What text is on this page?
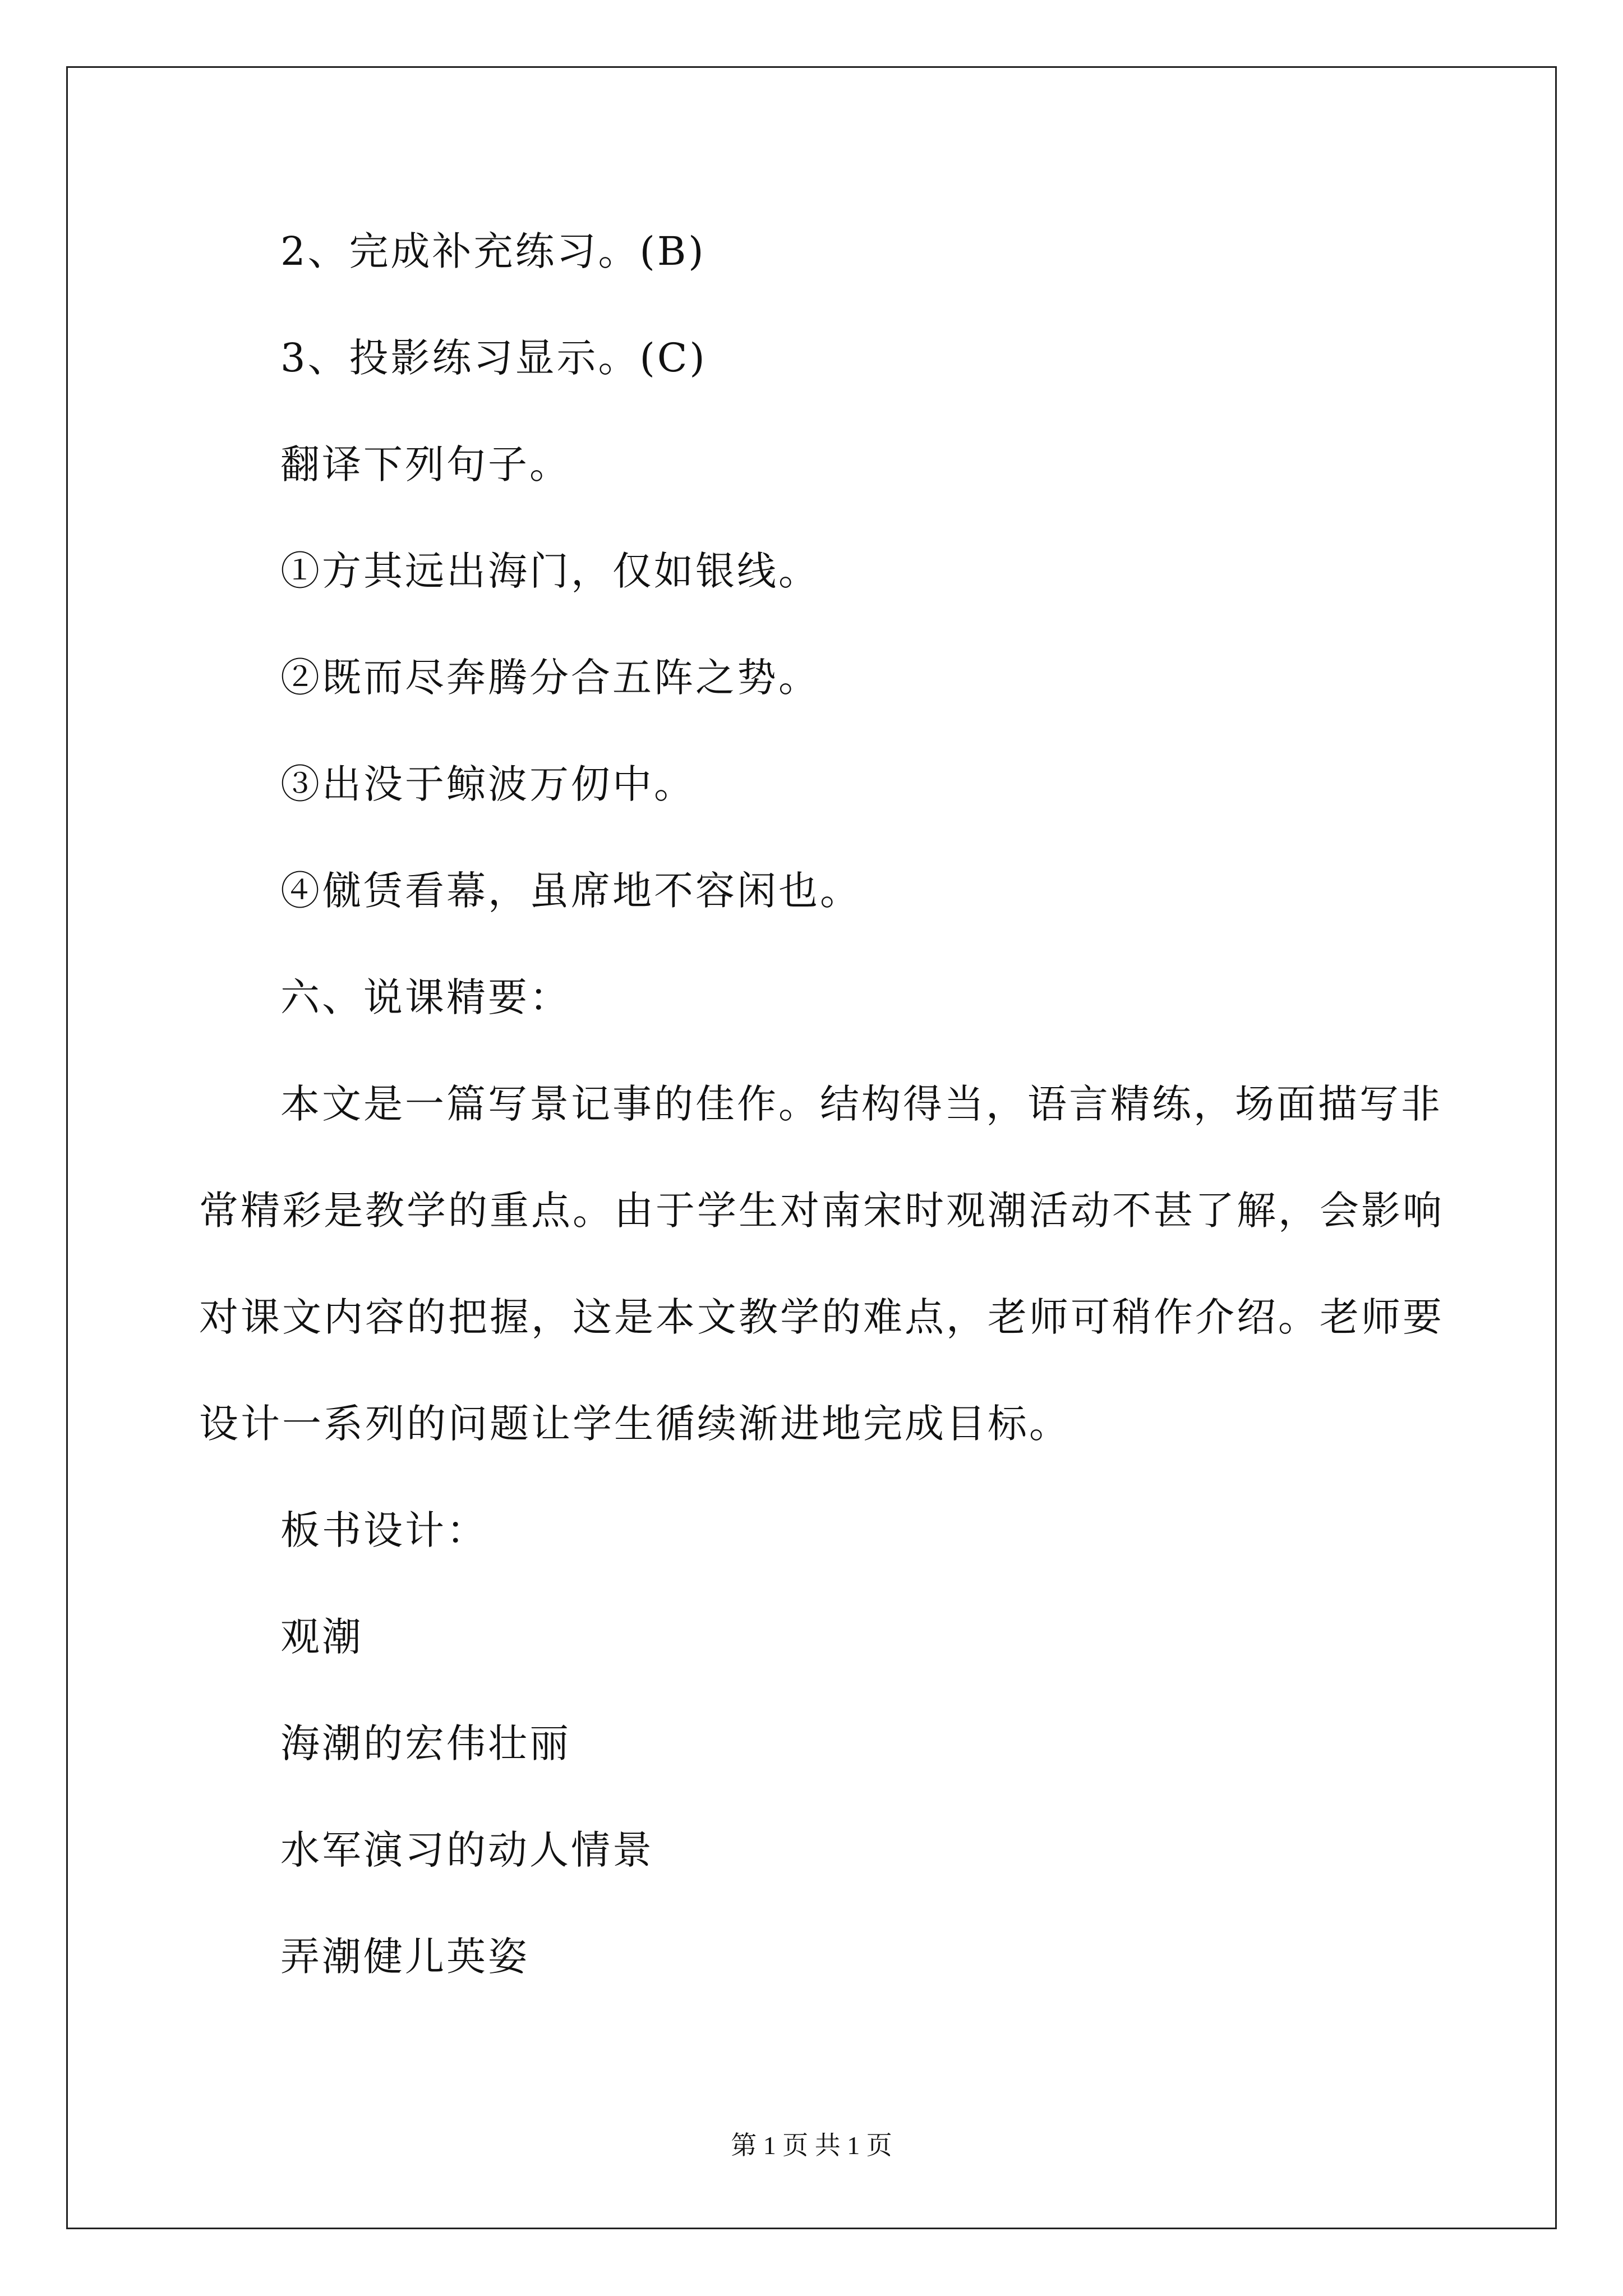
2、完成补充练习。(B)
3、投影练习显示。(C)
翻译下列句子。
①方其远出海门，仅如银线。
②既而尽奔腾分合五阵之势。
③出没于鲸波万仞中。
④僦赁看幕，虽席地不容闲也。
六、说课精要：
本文是一篇写景记事的佳作。结构得当，语言精练，场面描写非
常精彩是教学的重点。由于学生对南宋时观潮活动不甚了解，会影响
对课文内容的把握，这是本文教学的难点，老师可稍作介绍。老师要
设计一系列的问题让学生循续渐进地完成目标。
板书设计：
观潮
海潮的宏伟壮丽
水军演习的动人情景
弄潮健儿英姿
第 1 页 共 1 页
